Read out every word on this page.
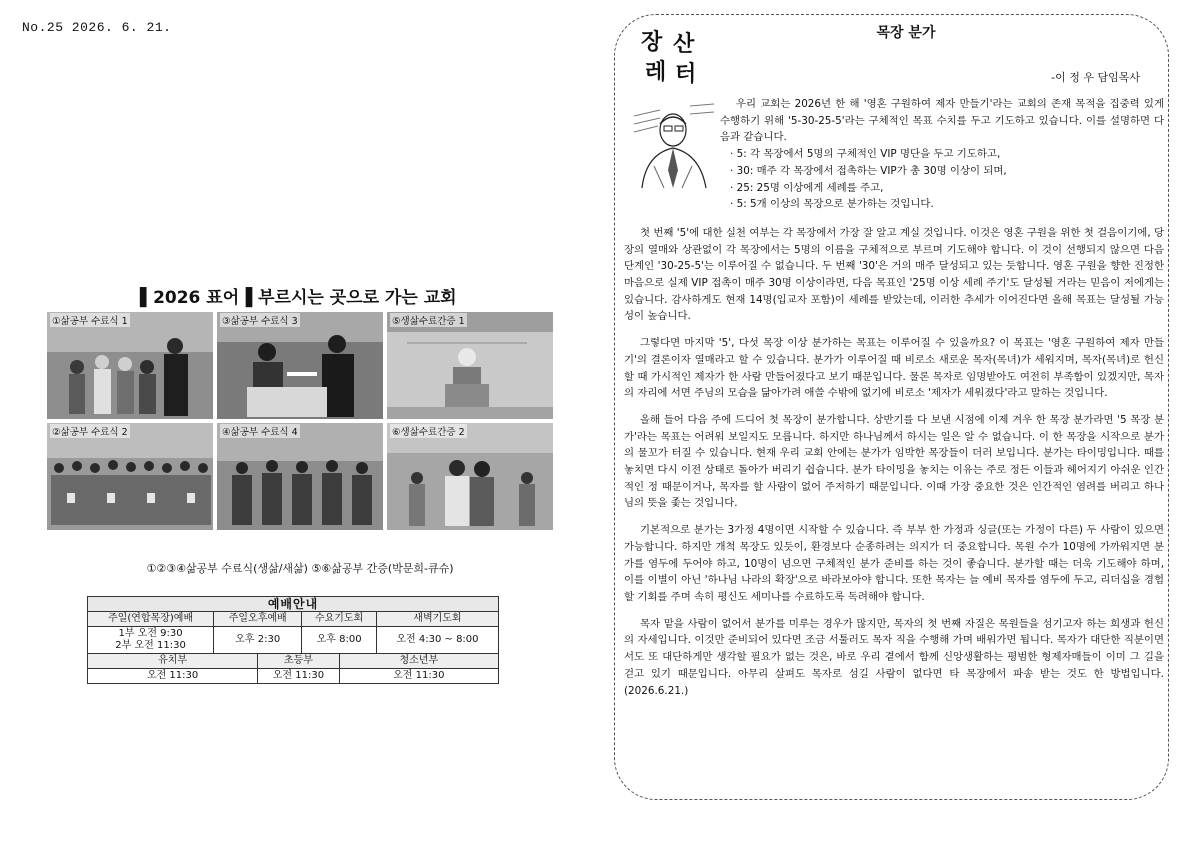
No.25 2026. 6. 21.
▌2026 표어▐ 부르시는 곳으로 가는 교회
①삶공부 수료식 1	③삶공부 수료식 3	⑤생삶수료간증 1
②삶공부 수료식 2	④삶공부 수료식 4	⑥생삶수료간증 2
①②③④삶공부 수료식(생삶/새삶) ⑤⑥삶공부 간증(박문희-큐슈)
예배안내					
주일(연합목장)예배	주일오후예배		수요기도회		새벽기도회

1부 오전 9:30
2부 오전 11:30	오후 2:30		오후 8:00		오전 4:30 ~ 8:00
유치부		초등부		청소년부	
오전 11:30		오전 11:30		오전 11:30	
목장 분가
장 산
레 터	-이 정 우 담임목사

우리 교회는 2026년 한 해 '영혼 구원하여 제자 만들기'라는 교회의 존재 목적을 집중력 있게 수행하기 위해 '5-30-25-5'라는 구체적인 목표 수치를 두고 기도하고 있습니다. 이를 설명하면 다음과 같습니다.

· 5: 각 목장에서 5명의 구체적인 VIP 명단을 두고 기도하고,
· 30: 매주 각 목장에서 접촉하는 VIP가 총 30명 이상이 되며,
· 25: 25명 이상에게 세례를 주고,
· 5: 5개 이상의 목장으로 분가하는 것입니다.

첫 번째 '5'에 대한 실천 여부는 각 목장에서 가장 잘 알고 계실 것입니다. 이것은 영혼 구원을 위한 첫 걸음이기에, 당장의 열매와 상관없이 각 목장에서는 5명의 이름을 구체적으로 부르며 기도해야 합니다. 이 것이 선행되지 않으면 다음 단계인 '30-25-5'는 이루어질 수 없습니다. 두 번째 '30'은 거의 매주 달성되고 있는 듯합니다. 영혼 구원을 향한 진정한 마음으로 실제 VIP 접촉이 매주 30명 이상이라면, 다음 목표인 '25명 이상 세례 주기'도 달성될 거라는 믿음이 저에게는 있습니다. 감사하게도 현재 14명(입교자 포함)이 세례를 받았는데, 이러한 추세가 이어진다면 올해 목표는 달성될 가능성이 높습니다.

그렇다면 마지막 '5', 다섯 목장 이상 분가하는 목표는 이루어질 수 있을까요? 이 목표는 '영혼 구원하여 제자 만들기'의 결론이자 열매라고 할 수 있습니다. 분가가 이루어질 때 비로소 새로운 목자(목녀)가 세워지며, 목자(목녀)로 헌신할 때 가시적인 제자가 한 사람 만들어졌다고 보기 때문입니다. 물론 목자로 임명받아도 여전히 부족함이 있겠지만, 목자의 자리에 서면 주님의 모습을 닮아가려 애쓸 수밖에 없기에 비로소 '제자가 세워졌다'라고 말하는 것입니다.

올해 들어 다음 주에 드디어 첫 목장이 분가합니다. 상반기를 다 보낸 시점에 이제 겨우 한 목장 분가라면 '5 목장 분가'라는 목표는 어려워 보일지도 모릅니다. 하지만 하나님께서 하시는 일은 알 수 없습니다. 이 한 목장을 시작으로 분가의 물꼬가 터질 수 있습니다. 현재 우리 교회 안에는 분가가 임박한 목장들이 더러 보입니다. 분가는 타이밍입니다. 때를 놓치면 다시 이전 상태로 돌아가 버리기 쉽습니다. 분가 타이밍을 놓치는 이유는 주로 정든 이들과 헤어지기 아쉬운 인간적인 정 때문이거나, 목자를 할 사람이 없어 주저하기 때문입니다. 이때 가장 중요한 것은 인간적인 염려를 버리고 하나님의 뜻을 좇는 것입니다.

기본적으로 분가는 3가정 4명이면 시작할 수 있습니다. 즉 부부 한 가정과 싱글(또는 가정이 다른) 두 사람이 있으면 가능합니다. 하지만 개척 목장도 있듯이, 환경보다 순종하려는 의지가 더 중요합니다. 목원 수가 10명에 가까워지면 분가를 염두에 두어야 하고, 10명이 넘으면 구체적인 분가 준비를 하는 것이 좋습니다. 분가할 때는 더욱 기도해야 하며, 이를 이별이 아닌 '하나님 나라의 확장'으로 바라보아야 합니다. 또한 목자는 늘 예비 목자를 염두에 두고, 리더십을 경험할 기회를 주며 속히 평신도 세미나를 수료하도록 독려해야 합니다.

목자 맡을 사람이 없어서 분가를 미루는 경우가 많지만, 목자의 첫 번째 자질은 목원들을 섬기고자 하는 희생과 헌신의 자세입니다. 이것만 준비되어 있다면 조금 서툴러도 목자 직을 수행해 가며 배워가면 됩니다. 목자가 대단한 직분이면서도 또 대단하게만 생각할 필요가 없는 것은, 바로 우리 곁에서 함께 신앙생활하는 평범한 형제자매들이 이미 그 길을 걷고 있기 때문입니다. 아무리 살펴도 목자로 섬길 사람이 없다면 타 목장에서 파송 받는 것도 한 방법입니다.(2026.6.21.)
